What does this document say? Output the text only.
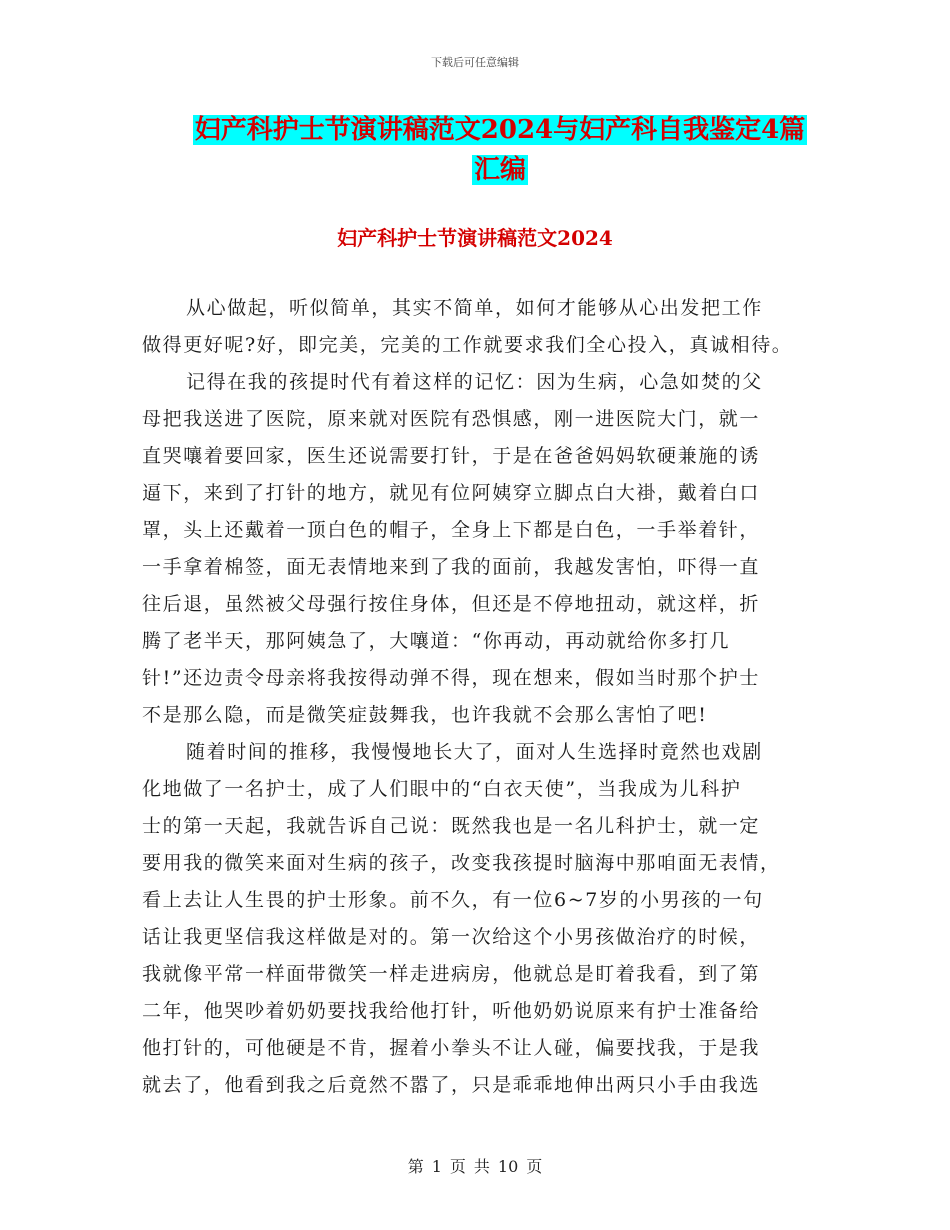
下载后可任意编辑
妇产科护士节演讲稿范文2024与妇产科自我鉴定4篇
汇编
妇产科护士节演讲稿范文2024
从心做起，听似简单，其实不简单，如何才能够从心出发把工作
做得更好呢?好，即完美，完美的工作就要求我们全心投入，真诚相待。
记得在我的孩提时代有着这样的记忆：因为生病，心急如焚的父
母把我送进了医院，原来就对医院有恐惧感，刚一进医院大门，就一
直哭嚷着要回家，医生还说需要打针，于是在爸爸妈妈软硬兼施的诱
逼下，来到了打针的地方，就见有位阿姨穿立脚点白大褂，戴着白口
罩，头上还戴着一顶白色的帽子，全身上下都是白色，一手举着针，
一手拿着棉签，面无表情地来到了我的面前，我越发害怕，吓得一直
往后退，虽然被父母强行按住身体，但还是不停地扭动，就这样，折
腾了老半天，那阿姨急了，大嚷道：“你再动，再动就给你多打几
针!”还边责令母亲将我按得动弹不得，现在想来，假如当时那个护士
不是那么隐，而是微笑症鼓舞我，也许我就不会那么害怕了吧!
随着时间的推移，我慢慢地长大了，面对人生选择时竟然也戏剧
化地做了一名护士，成了人们眼中的“白衣天使”，当我成为儿科护
士的第一天起，我就告诉自己说：既然我也是一名儿科护士，就一定
要用我的微笑来面对生病的孩子，改变我孩提时脑海中那咱面无表情，
看上去让人生畏的护士形象。前不久，有一位6~7岁的小男孩的一句
话让我更坚信我这样做是对的。第一次给这个小男孩做治疗的时候，
我就像平常一样面带微笑一样走进病房，他就总是盯着我看，到了第
二年，他哭吵着奶奶要找我给他打针，听他奶奶说原来有护士准备给
他打针的，可他硬是不肯，握着小拳头不让人碰，偏要找我，于是我
就去了，他看到我之后竟然不嚣了，只是乖乖地伸出两只小手由我选
第 1 页 共 10 页
